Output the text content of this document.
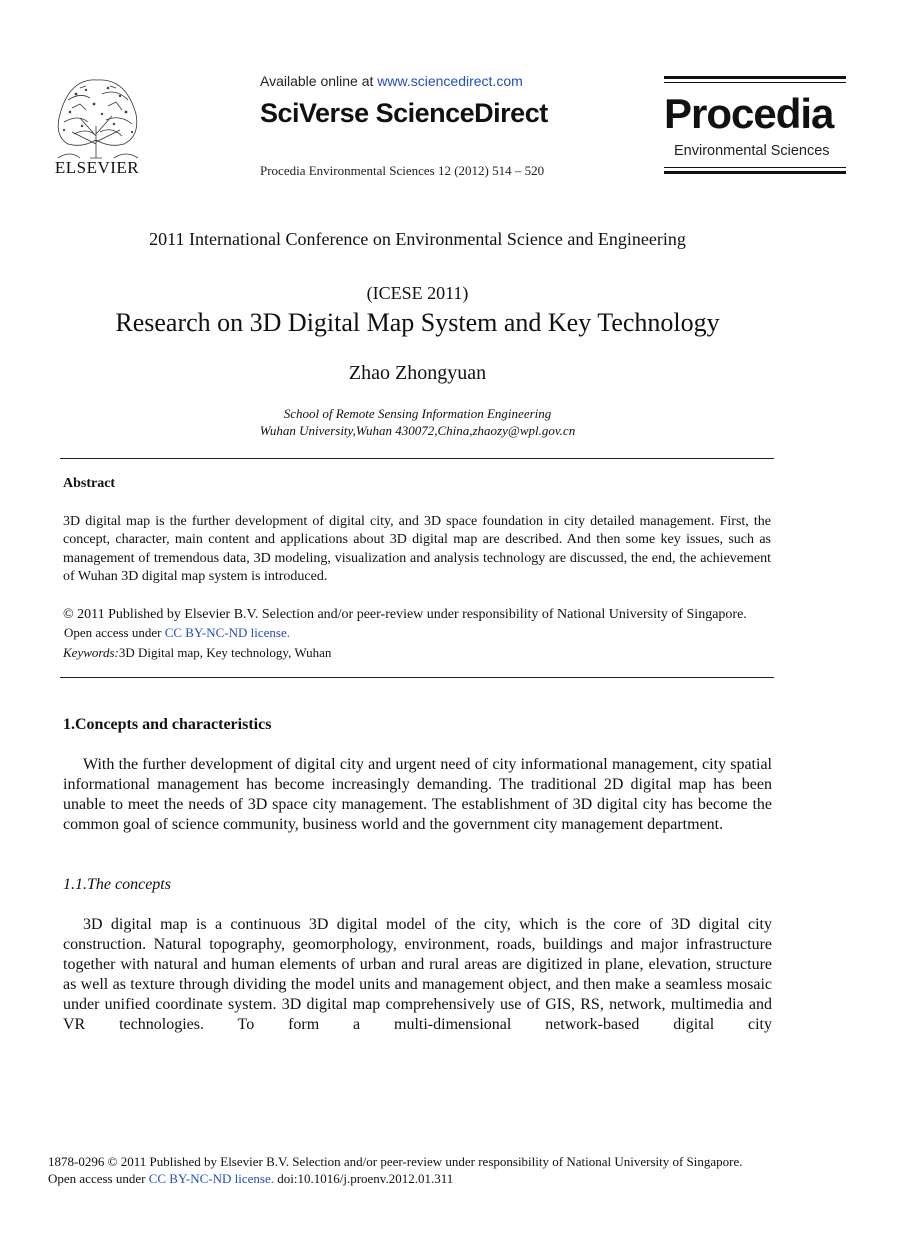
ELSEVIER
Available online at www.sciencedirect.com
SciVerse ScienceDirect
Procedia Environmental Sciences 12 (2012) 514 – 520
Procedia
Environmental Sciences
2011 International Conference on Environmental Science and Engineering
(ICESE 2011)
Research on 3D Digital Map System and Key Technology
Zhao Zhongyuan
School of Remote Sensing Information Engineering
Wuhan University,Wuhan 430072,China,zhaozy@wpl.gov.cn
Abstract
3D digital map is the further development of digital city, and 3D space foundation in city detailed management. First, the concept, character, main content and applications about 3D digital map are described. And then some key issues, such as management of tremendous data, 3D modeling, visualization and analysis technology are discussed, the end, the achievement of Wuhan 3D digital map system is introduced.
© 2011 Published by Elsevier B.V. Selection and/or peer-review under responsibility of National University of Singapore.
Open access under CC BY-NC-ND license.
Keywords:3D Digital map, Key technology, Wuhan
1.Concepts and characteristics

With the further development of digital city and urgent need of city informational management, city spatial informational management has become increasingly demanding. The traditional 2D digital map has been unable to meet the needs of 3D space city management. The establishment of 3D digital city has become the common goal of science community, business world and the government city management department.

1.1.The concepts

3D digital map is a continuous 3D digital model of the city, which is the core of 3D digital city construction. Natural topography, geomorphology, environment, roads, buildings and major infrastructure together with natural and human elements of urban and rural areas are digitized in plane, elevation, structure as well as texture through dividing the model units and management object, and then make a seamless mosaic under unified coordinate system. 3D digital map comprehensively use of GIS, RS, network, multimedia and VR technologies. To form a multi-dimensional network-based digital city

1878-0296 © 2011 Published by Elsevier B.V. Selection and/or peer-review under responsibility of National University of Singapore.
Open access under CC BY-NC-ND license. doi:10.1016/j.proenv.2012.01.311
